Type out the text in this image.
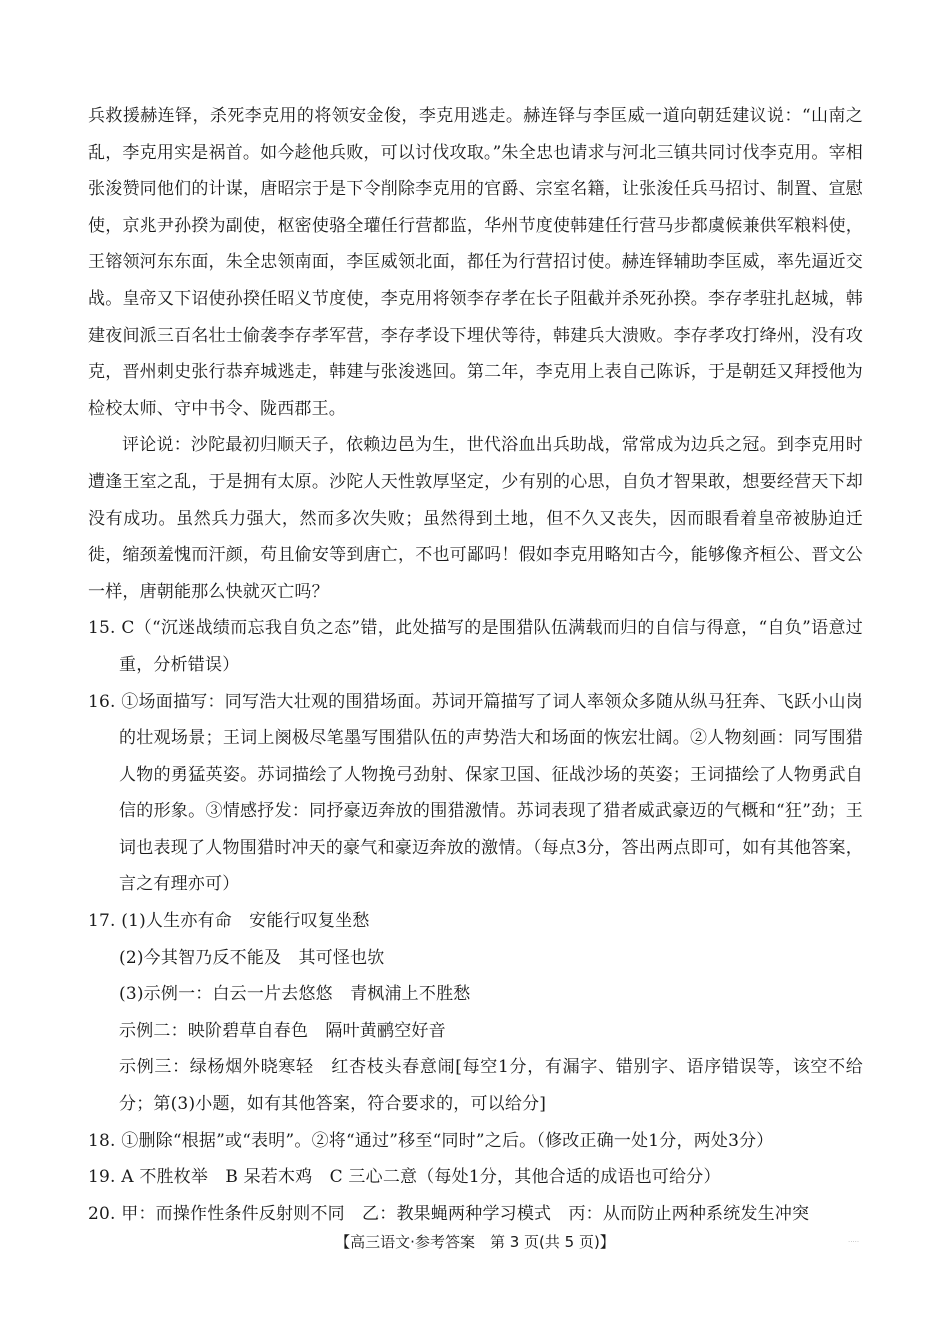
兵救援赫连铎，杀死李克用的将领安金俊，李克用逃走。赫连铎与李匡威一道向朝廷建议说：“山南之乱，李克用实是祸首。如今趁他兵败，可以讨伐攻取。”朱全忠也请求与河北三镇共同讨伐李克用。宰相张浚赞同他们的计谋，唐昭宗于是下令削除李克用的官爵、宗室名籍，让张浚任兵马招讨、制置、宣慰使，京兆尹孙揆为副使，枢密使骆全瓘任行营都监，华州节度使韩建任行营马步都虞候兼供军粮料使，王镕领河东东面，朱全忠领南面，李匡威领北面，都任为行营招讨使。赫连铎辅助李匡威，率先逼近交战。皇帝又下诏使孙揆任昭义节度使，李克用将领李存孝在长子阻截并杀死孙揆。李存孝驻扎赵城，韩建夜间派三百名壮士偷袭李存孝军营，李存孝设下埋伏等待，韩建兵大溃败。李存孝攻打绛州，没有攻克，晋州刺史张行恭弃城逃走，韩建与张浚逃回。第二年，李克用上表自己陈诉，于是朝廷又拜授他为检校太师、守中书令、陇西郡王。

评论说：沙陀最初归顺天子，依赖边邑为生，世代浴血出兵助战，常常成为边兵之冠。到李克用时遭逢王室之乱，于是拥有太原。沙陀人天性敦厚坚定，少有别的心思，自负才智果敢，想要经营天下却没有成功。虽然兵力强大，然而多次失败；虽然得到土地，但不久又丧失，因而眼看着皇帝被胁迫迁徙，缩颈羞愧而汗颜，苟且偷安等到唐亡，不也可鄙吗！假如李克用略知古今，能够像齐桓公、晋文公一样，唐朝能那么快就灭亡吗？

15. C（“沉迷战绩而忘我自负之态”错，此处描写的是围猎队伍满载而归的自信与得意，“自负”语意过重，分析错误）

16. ①场面描写：同写浩大壮观的围猎场面。苏词开篇描写了词人率领众多随从纵马狂奔、飞跃小山岗的壮观场景；王词上阕极尽笔墨写围猎队伍的声势浩大和场面的恢宏壮阔。②人物刻画：同写围猎人物的勇猛英姿。苏词描绘了人物挽弓劲射、保家卫国、征战沙场的英姿；王词描绘了人物勇武自信的形象。③情感抒发：同抒豪迈奔放的围猎激情。苏词表现了猎者威武豪迈的气概和“狂”劲；王词也表现了人物围猎时冲天的豪气和豪迈奔放的激情。（每点3分，答出两点即可，如有其他答案，言之有理亦可）

17. (1)人生亦有命　安能行叹复坐愁

(2)今其智乃反不能及　其可怪也欤

(3)示例一：白云一片去悠悠　青枫浦上不胜愁

示例二：映阶碧草自春色　隔叶黄鹂空好音

示例三：绿杨烟外晓寒轻　红杏枝头春意闹[每空1分，有漏字、错别字、语序错误等，该空不给分；第(3)小题，如有其他答案，符合要求的，可以给分]

18. ①删除“根据”或“表明”。②将“通过”移至“同时”之后。（修改正确一处1分，两处3分）

19. A 不胜枚举　B 呆若木鸡　C 三心二意（每处1分，其他合适的成语也可给分）

20. 甲：而操作性条件反射则不同　乙：教果蝇两种学习模式　丙：从而防止两种系统发生冲突

【高三语文·参考答案　第 3 页(共 5 页)】	.....
